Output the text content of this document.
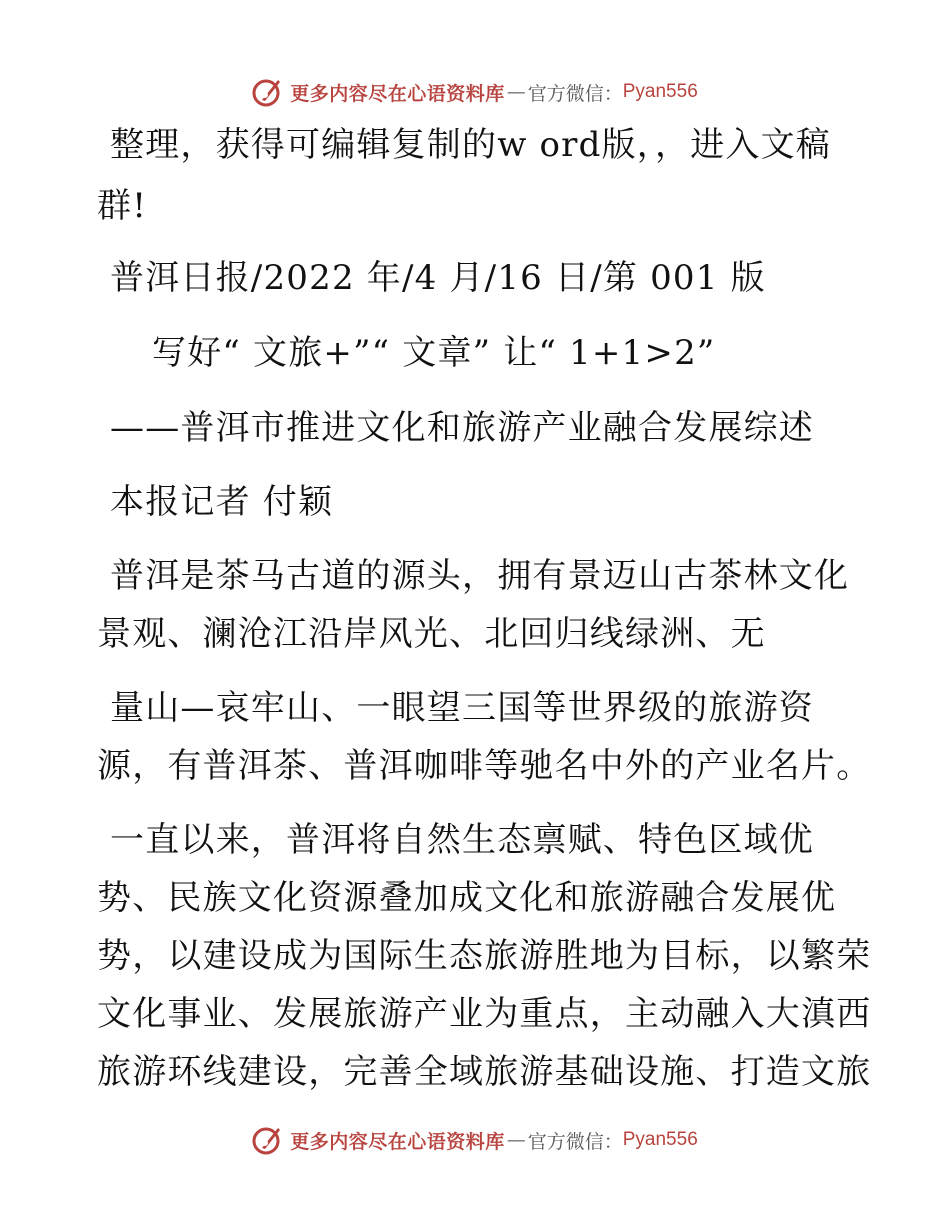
更多内容尽在心语资料库 — 官方微信： Pyan556
整理，获得可编辑复制的w ord版，，进入文稿
群!
普洱日报/2022 年/4 月/16 日/第 001 版
写好“ 文旅+”“ 文章” 让“ 1+1>2”
——普洱市推进文化和旅游产业融合发展综述
本报记者 付颖
普洱是茶马古道的源头，拥有景迈山古茶林文化
景观、澜沧江沿岸风光、北回归线绿洲、无
量山—哀牢山、一眼望三国等世界级的旅游资
源，有普洱茶、普洱咖啡等驰名中外的产业名片。
一直以来，普洱将自然生态禀赋、特色区域优
势、民族文化资源叠加成文化和旅游融合发展优
势，以建设成为国际生态旅游胜地为目标，以繁荣
文化事业、发展旅游产业为重点，主动融入大滇西
旅游环线建设，完善全域旅游基础设施、打造文旅
更多内容尽在心语资料库 — 官方微信： Pyan556
